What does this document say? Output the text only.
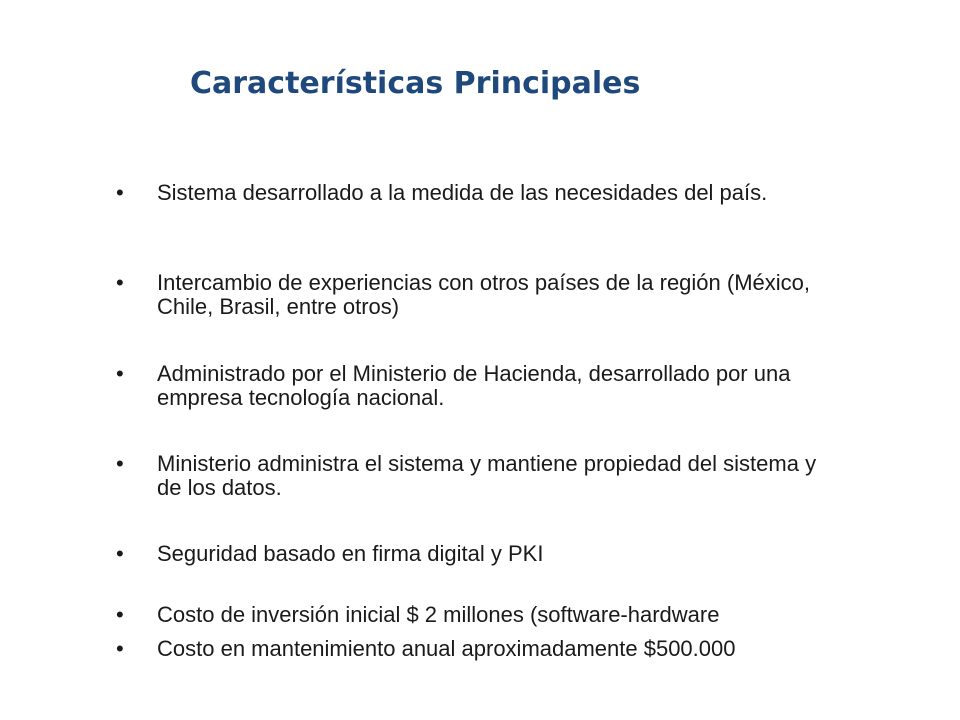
Características Principales
•	Sistema desarrollado a la medida de las necesidades del país.
•	Intercambio de experiencias con otros países de la región (México, Chile, Brasil, entre otros)
•	Administrado por el Ministerio de Hacienda, desarrollado por una empresa tecnología nacional.
•	Ministerio administra el sistema y mantiene propiedad del sistema y de los datos.
•	Seguridad basado en firma digital y PKI
•	Costo de inversión inicial $ 2 millones (software-hardware
•	Costo en mantenimiento anual aproximadamente $500.000
